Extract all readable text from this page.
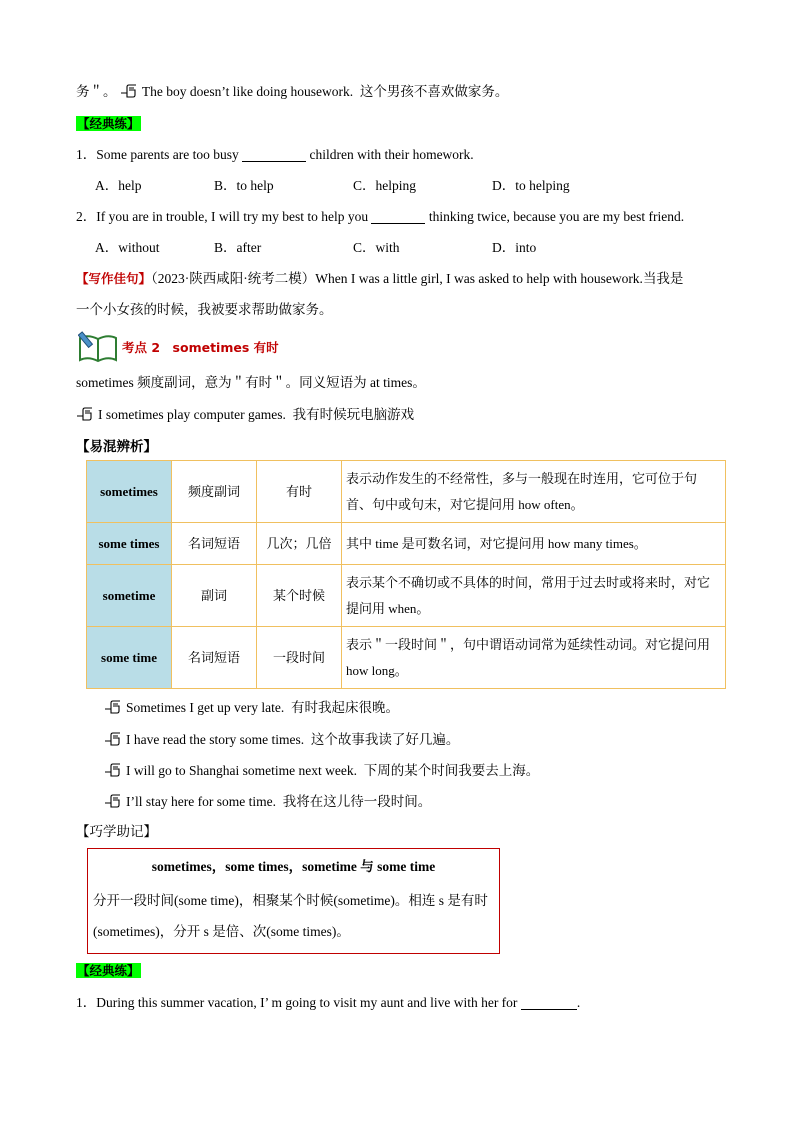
务＂。 The boy doesn’t like doing housework. 这个男孩不喜欢做家务。
【经典练】
1．Some parents are too busy	children with their homework.
A．help	B．to help	C．helping	D．to helping
2．If you are in trouble, I will try my best to help you	thinking twice, because you are my best friend.
A．without	B．after	C．with	D．into
【写作佳句】（2023·陕西咸阳·统考二模）When I was a little girl, I was asked to help with housework.当我是
一个小女孩的时候，我被要求帮助做家务。
考点 2　sometimes 有时
sometimes 频度副词，意为＂有时＂。同义短语为 at times。
I sometimes play computer games. 我有时候玩电脑游戏
【易混辨析】
sometimes	频度副词	有时	表示动作发生的不经常性，多与一般现在时连用，它可位于句首、句中或句末，对它提问用 how often。
some times	名词短语	几次；几倍	其中 time 是可数名词，对它提问用 how many times。
sometime	副词	某个时候	表示某个不确切或不具体的时间，常用于过去时或将来时，对它提问用 when。
some time	名词短语	一段时间	表示＂一段时间＂，句中谓语动词常为延续性动词。对它提问用 how long。
Sometimes I get up very late. 有时我起床很晚。
I have read the story some times. 这个故事我读了好几遍。
I will go to Shanghai sometime next week. 下周的某个时间我要去上海。
I’ll stay here for some time. 我将在这儿待一段时间。
【巧学助记】
sometimes，some times，sometime 与 some time
分开一段时间(some time)，相聚某个时候(sometime)。相连 s 是有时(sometimes)，分开 s 是倍、次(some times)。
【经典练】
1．During this summer vacation, I’ m going to visit my aunt and live with her for	.
